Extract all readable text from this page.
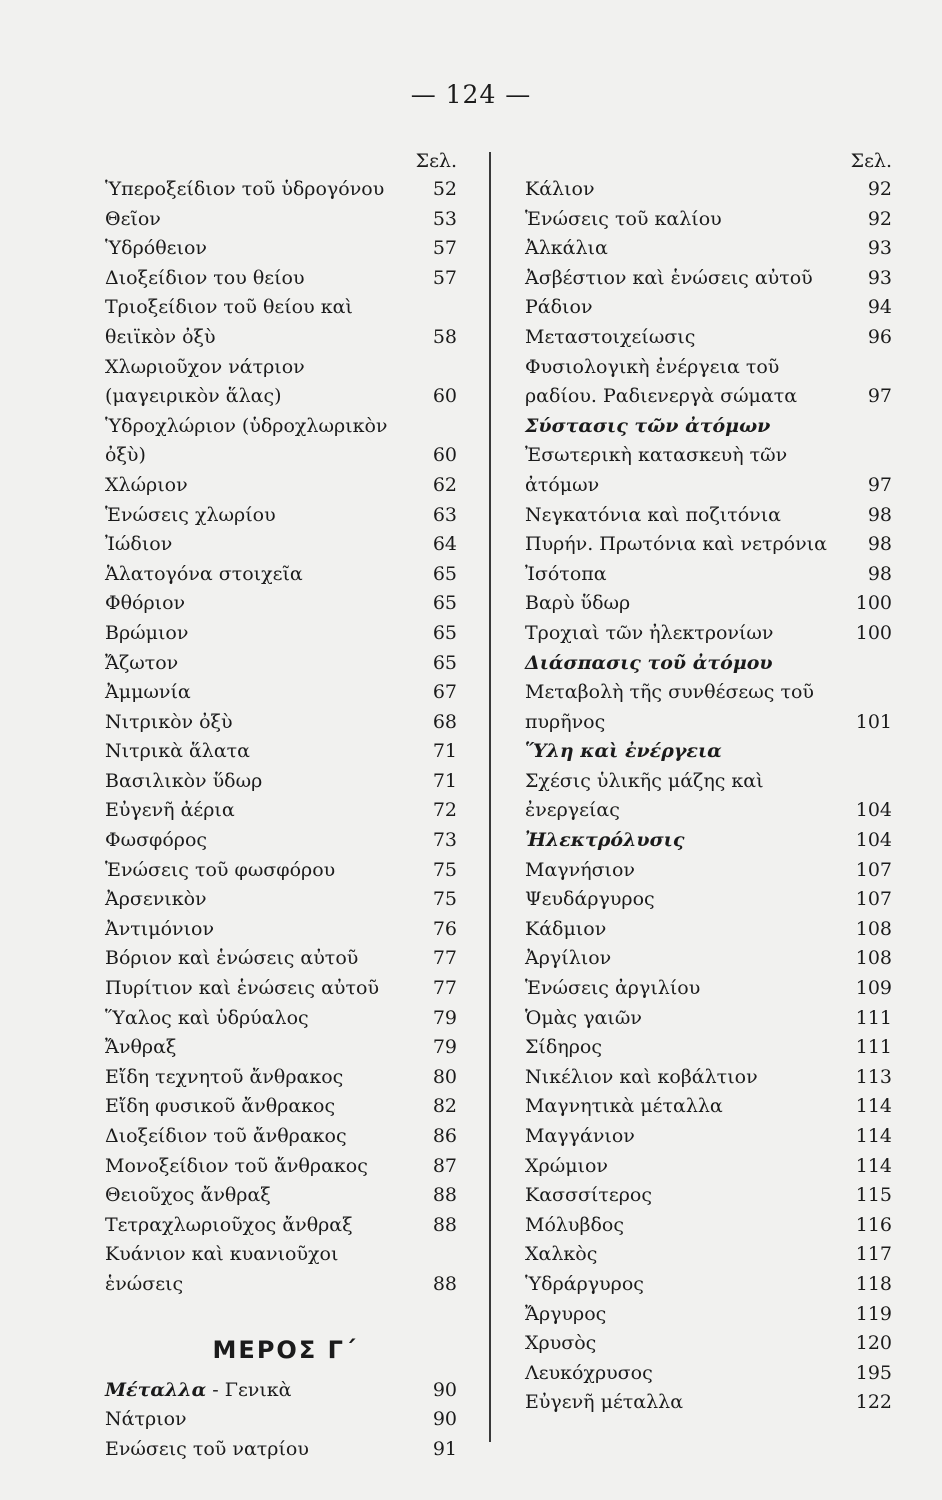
— 124 —
Σελ.
Ὑπεροξείδιον τοῦ ὑδρογόνου	52
Θεῖον	53
Ὑδρόθειον	57
Διοξείδιον του θείου	57
Τριοξείδιον τοῦ θείου καὶ θειϊκὸν ὀξὺ	58
Χλωριοῦχον νάτριον (μαγειρικὸν ἅλας)	60
Ὑδροχλώριον (ὑδροχλωρικὸν ὀξὺ)	60
Χλώριον	62
Ἑνώσεις χλωρίου	63
Ἰώδιον	64
Ἁλατογόνα στοιχεῖα	65
Φθόριον	65
Βρώμιον	65
Ἄζωτον	65
Ἀμμωνία	67
Νιτρικὸν ὀξὺ	68
Νιτρικὰ ἅλατα	71
Βασιλικὸν ὕδωρ	71
Εὐγενῆ ἀέρια	72
Φωσφόρος	73
Ἑνώσεις τοῦ φωσφόρου	75
Ἀρσενικὸν	75
Ἀντιμόνιον	76
Βόριον καὶ ἑνώσεις αὐτοῦ	77
Πυρίτιον καὶ ἑνώσεις αὐτοῦ	77
Ὕαλος καὶ ὑδρύαλος	79
Ἄνθραξ	79
Εἴδη τεχνητοῦ ἄνθρακος	80
Εἴδη φυσικοῦ ἄνθρακος	82
Διοξείδιον τοῦ ἄνθρακος	86
Μονοξείδιον τοῦ ἄνθρακος	87
Θειοῦχος ἄνθραξ	88
Τετραχλωριοῦχος ἄνθραξ	88
Κυάνιον καὶ κυανιοῦχοι ἑνώσεις	88
ΜΕΡΟΣ Γ΄
Μέταλλα - Γενικὰ	90
Νάτριον	90
Ενώσεις τοῦ νατρίου	91
Σελ.
Κάλιον	92
Ἑνώσεις τοῦ καλίου	92
Ἀλκάλια	93
Ἀσβέστιον καὶ ἑνώσεις αὐτοῦ	93
Ράδιον	94
Μεταστοιχείωσις	96
Φυσιολογικὴ ἐνέργεια τοῦ ραδίου. Ραδιενεργὰ σώματα	97
Σύστασις τῶν ἀτόμων
Ἐσωτερικὴ κατασκευὴ τῶν ἀτόμων	97
Νεγκατόνια καὶ ποζιτόνια	98
Πυρήν. Πρωτόνια καὶ νετρόνια	98
Ἰσότοπα	98
Βαρὺ ὕδωρ	100
Τροχιαὶ τῶν ἠλεκτρονίων	100
Διάσπασις τοῦ ἀτόμου
Μεταβολὴ τῆς συνθέσεως τοῦ πυρῆνος	101
Ὕλη καὶ ἐνέργεια
Σχέσις ὑλικῆς μάζης καὶ ἐνεργείας	104
Ἠλεκτρόλυσις	104
Μαγνήσιον	107
Ψευδάργυρος	107
Κάδμιον	108
Ἀργίλιον	108
Ἑνώσεις ἀργιλίου	109
Ὁμὰς γαιῶν	111
Σίδηρος	111
Νικέλιον καὶ κοβάλτιον	113
Μαγνητικὰ μέταλλα	114
Μαγγάνιον	114
Χρώμιον	114
Κασσσίτερος	115
Μόλυβδος	116
Χαλκὸς	117
Ὑδράργυρος	118
Ἄργυρος	119
Χρυσὸς	120
Λευκόχρυσος	195
Εὐγενῆ μέταλλα	122
